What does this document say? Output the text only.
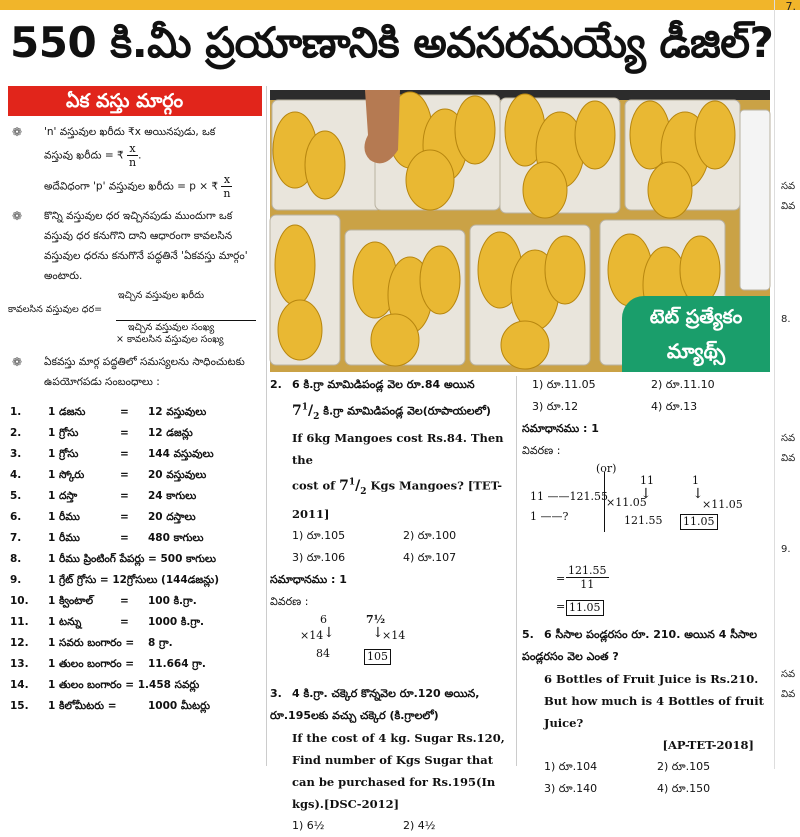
7.
550 కి.మీ ప్రయాణానికి అవసరమయ్యే డీజిల్?
ఏక వస్తు మార్గం
❁ 'n' వస్తువుల ఖరీదు ₹x అయినపుడు, ఒక
వస్తువు ఖరీదు = ₹ $\frac{x}{n}$ .
అదేవిధంగా 'p' వస్తువుల ఖరీదు = p × ₹ $\frac{x}{n}$
❁ కొన్ని వస్తువుల ధర ఇచ్చినపుడు ముందుగా ఒక వస్తువు ధర కనుగొని దాని ఆధారంగా కావలసిన వస్తువుల ధరను కనుగొనే పద్ధతినే 'ఏకవస్తు మార్గం' అంటారు.
ఇచ్చిన వస్తువుల ఖరీదు
కావలసిన వస్తువుల ధర=
ఇచ్చిన వస్తువుల సంఖ్య
× కావలసిన వస్తువుల సంఖ్య
❁ ఏకవస్తు మార్గ పద్ధతిలో సమస్యలను సాధించుటకు ఉపయోగపడు సంబంధాలు :
1.	1 డజను	= 12 వస్తువులు
2.	1 గ్రోసు	= 12 డజన్లు
3.	1 గ్రోసు	= 144 వస్తువులు
4.	1 స్కోరు	= 20 వస్తువులు
5.	1 దస్తా	= 24 కాగులు
6.	1 రీము	= 20 దస్తాలు
7.	1 రీము	= 480 కాగులు
8.	1 రీము ప్రింటింగ్ పేపర్లు = 500 కాగులు
9.	1 గ్రేట్ గ్రోసు = 12గ్రోసులు (144డజన్లు)
10. 1 క్వింటాల్	= 100 కి.గ్రా.
11. 1 టన్ను	= 1000 కి.గ్రా.
12. 1 సవరు బంగారం = 8 గ్రా.
13. 1 తులం బంగారం = 11.664 గ్రా.
14. 1 తులం బంగారం = 1.458 సవర్లు
15. 1 కిలోమీటరు =	1000 మీటర్లు
టెట్ ప్రత్యేకం
మ్యాథ్స్
2. 6 కి.గ్రా మామిడిపండ్ల వెల రూ.84 అయిన
$7^1/_2$ కి.గ్రా మామిడిపండ్ల వెల(రూపాయలలో)
If 6kg Mangoes cost Rs.84. Then the
cost of $7^1/_2$ Kgs Mangoes? [TET-2011]
1) రూ.105	2) రూ.100
3) రూ.106	4) రూ.107
సమాధానము : 1
వివరణ :
6
×14 ↓
84
7½
↓
×14
105
3. 4 కి.గ్రా. చక్కెర కొన్నవెల రూ.120 అయిన, రూ.195లకు వచ్చు చక్కెర (కి.గ్రాలలో)
If the cost of 4 kg. Sugar Rs.120, Find number of Kgs Sugar that can be purchased for Rs.195(In kgs).[DSC-2012]
1) 6½	2) 4½
1) రూ.11.05	2) రూ.11.10
3) రూ.12	4) రూ.13
సమాధానము : 1
వివరణ :
(or)
11 ——121.55
1 ——?
11
↓
×11.05
121.55
1
↓
×11.05
11.05
= $\frac{121.55}{11}$
= 11.05
5. 6 సీసాల పండ్లరసం రూ. 210. అయిన 4 సీసాల పండ్లరసం వెల ఎంత ?
6 Bottles of Fruit Juice is Rs.210. But how much is 4 Bottles of fruit Juice?
[AP-TET-2018]
1) రూ.104	2) రూ.105
3) రూ.140	4) రూ.150
సవ
వివ
8.
సవ
వివ
9.
సవ
వివ
